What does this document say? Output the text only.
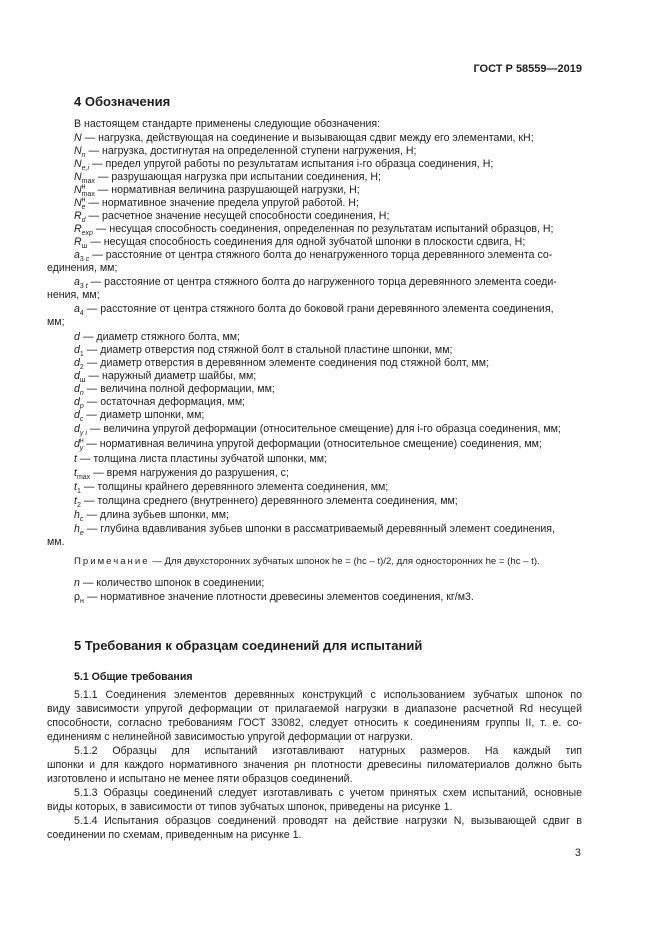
ГОСТ Р 58559—2019
4 Обозначения
В настоящем стандарте применены следующие обозначения:
N — нагрузка, действующая на соединение и вызывающая сдвиг между его элементами, кН;
$N_n$ — нагрузка, достигнутая на определенной ступени нагружения, Н;
$N_{e,i}$ — предел упругой работы по результатам испытания i-го образца соединения, Н;
$N_{max}$ — разрушающая нагрузка при испытании соединения, Н;
$N^н_{max}$ — нормативная величина разрушающей нагрузки, Н;
$N^н_e$ — нормативное значение предела упругой работой. Н;
$R_d$ — расчетное значение несущей способности соединения, Н;
$R_{exp}$ — несущая способность соединения, определенная по результатам испытаний образцов, Н;
$R_ш$ — несущая способность соединения для одной зубчатой шпонки в плоскости сдвига, Н;
$a_{3 c}$ — расстояние от центра стяжного болта до ненагруженного торца деревянного элемента со-
единения, мм;
$a_{3 t}$ — расстояние от центра стяжного болта до нагруженного торца деревянного элемента соеди-
нения, мм;
$a_4$ — расстояние от центра стяжного болта до боковой грани деревянного элемента соединения,
мм;
d — диаметр стяжного болта, мм;
$d_1$ — диаметр отверстия под стяжной болт в стальной пластине шпонки, мм;
$d_2$ — диаметр отверстия в деревянном элементе соединения под стяжной болт, мм;
$d_ш$ — наружный диаметр шайбы, мм;
$d_n$ — величина полной деформации, мм;
$d_p$ — остаточная деформация, мм;
$d_c$ — диаметр шпонки, мм;
$d_{y i}$ — величина упругой деформации (относительное смещение) для i-го образца соединения, мм;
$d^н_y$ — нормативная величина упругой деформации (относительное смещение) соединения, мм;
t — толщина листа пластины зубчатой шпонки, мм;
$t_{max}$ — время нагружения до разрушения, с;
$t_1$ — толщины крайнего деревянного элемента соединения, мм;
$t_2$ — толщина среднего (внутреннего) деревянного элемента соединения, мм;
$h_c$ — длина зубьев шпонки, мм;
$h_e$ — глубина вдавливания зубьев шпонки в рассматриваемый деревянный элемент соединения,
мм.
Примечание — Для двухсторонних зубчатых шпонок he = (hc – t)/2, для односторонних he = (hc – t).
n — количество шпонок в соединении;
$\rho_н$ — нормативное значение плотности древесины элементов соединения, кг/м3.
5 Требования к образцам соединений для испытаний
5.1 Общие требования
5.1.1 Соединения элементов деревянных конструкций с использованием зубчатых шпонок по
виду зависимости упругой деформации от прилагаемой нагрузки в диапазоне расчетной Rd несущей
способности, согласно требованиям ГОСТ 33082, следует относить к соединениям группы II, т. е. со-
единениям с нелинейной зависимостью упругой деформации от нагрузки.
5.1.2 Образцы для испытаний изготавливают натурных размеров. На каждый тип
шпонки и для каждого нормативного значения ρн плотности древесины пиломатериалов должно быть
изготовлено и испытано не менее пяти образцов соединений.
5.1.3 Образцы соединений следует изготавливать с учетом принятых схем испытаний, основные
виды которых, в зависимости от типов зубчатых шпонок, приведены на рисунке 1.
5.1.4 Испытания образцов соединений проводят на действие нагрузки N, вызывающей сдвиг в
соединении по схемам, приведенным на рисунке 1.
3
